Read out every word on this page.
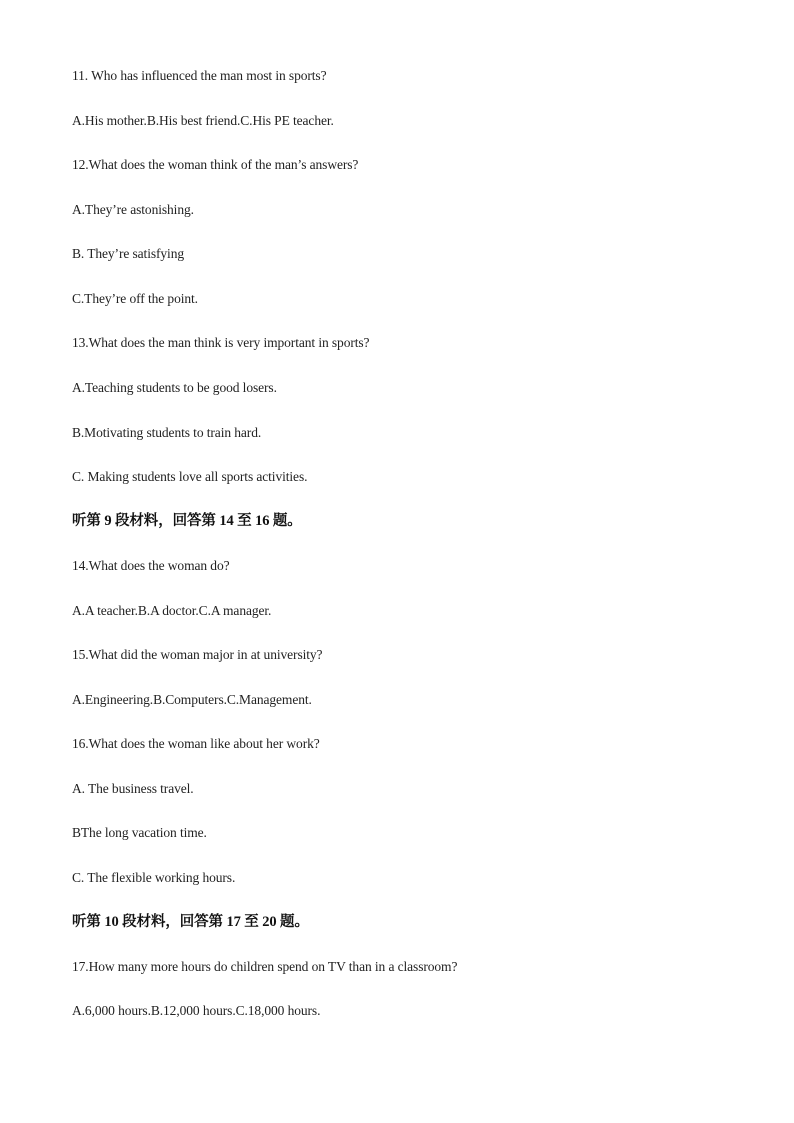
11. Who has influenced the man most in sports?
A.His mother.B.His best friend.C.His PE teacher.
12.What does the woman think of the man’s answers?
A.They’re astonishing.
B. They’re satisfying
C.They’re off the point.
13.What does the man think is very important in sports?
A.Teaching students to be good losers.
B.Motivating students to train hard.
C. Making students love all sports activities.
听第 9 段材料，回答第 14 至 16 题。
14.What does the woman do?
A.A teacher.B.A doctor.C.A manager.
15.What did the woman major in at university?
A.Engineering.B.Computers.C.Management.
16.What does the woman like about her work?
A. The business travel.
BThe long vacation time.
C. The flexible working hours.
听第 10 段材料，回答第 17 至 20 题。
17.How many more hours do children spend on TV than in a classroom?
A.6,000 hours.B.12,000 hours.C.18,000 hours.
